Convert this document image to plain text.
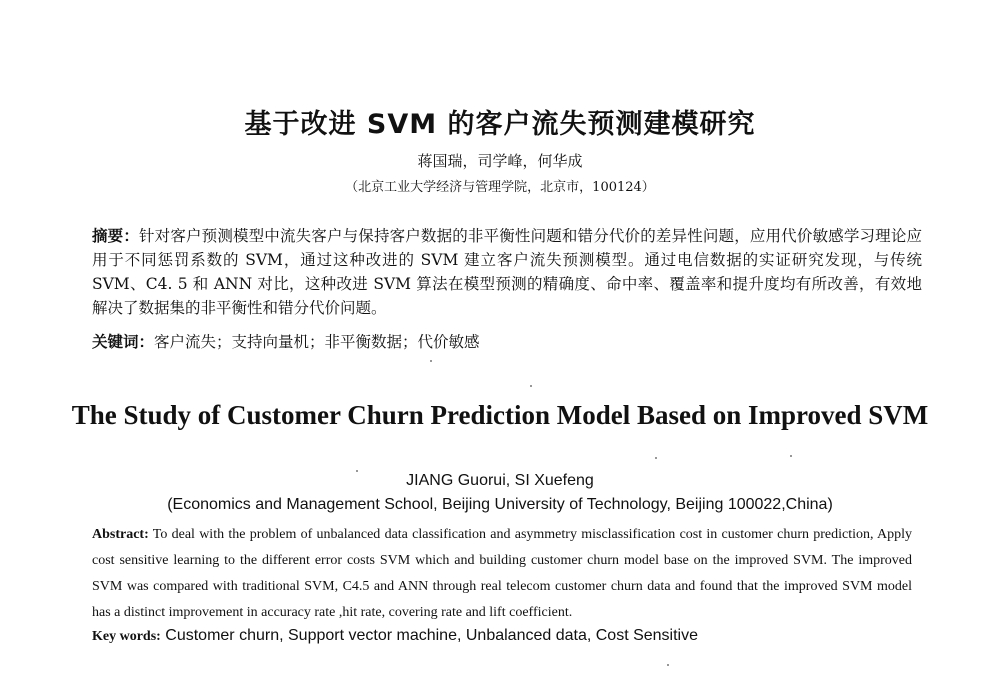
基于改进 SVM 的客户流失预测建模研究
蒋国瑞，司学峰，何华成
（北京工业大学经济与管理学院，北京市，100124）
摘要：针对客户预测模型中流失客户与保持客户数据的非平衡性问题和错分代价的差异性问题，应用代价敏感学习理论应用于不同惩罚系数的 SVM，通过这种改进的 SVM 建立客户流失预测模型。通过电信数据的实证研究发现，与传统 SVM、C4. 5 和 ANN 对比，这种改进 SVM 算法在模型预测的精确度、命中率、覆盖率和提升度均有所改善，有效地解决了数据集的非平衡性和错分代价问题。
关键词：客户流失；支持向量机；非平衡数据；代价敏感
The Study of Customer Churn Prediction Model Based on Improved SVM
JIANG Guorui, SI Xuefeng
(Economics and Management School, Beijing University of Technology, Beijing 100022,China)
Abstract: To deal with the problem of unbalanced data classification and asymmetry misclassification cost in customer churn prediction, Apply cost sensitive learning to the different error costs SVM which and building customer churn model base on the improved SVM. The improved SVM was compared with traditional SVM, C4.5 and ANN through real telecom customer churn data and found that the improved SVM model has a distinct improvement in accuracy rate ,hit rate, covering rate and lift coefficient.
Key words: Customer churn, Support vector machine, Unbalanced data, Cost Sensitive
